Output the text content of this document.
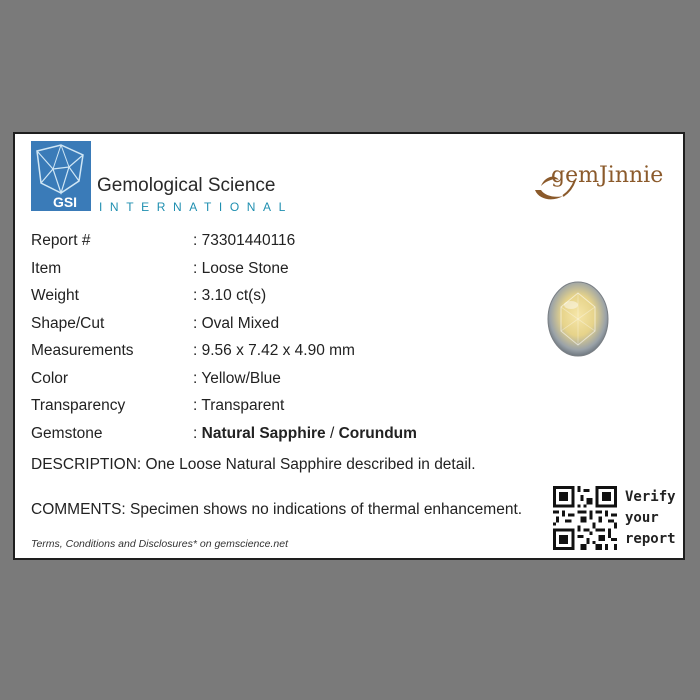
GSI
Gemological Science
INTERNATIONAL
gemJinnie
Report #	: 73301440116
Item	: Loose Stone
Weight	: 3.10 ct(s)
Shape/Cut	: Oval Mixed
Measurements	: 9.56 x 7.42 x 4.90 mm
Color	: Yellow/Blue
Transparency	: Transparent
Gemstone	: Natural Sapphire / Corundum
DESCRIPTION: One Loose Natural Sapphire described in detail.
COMMENTS: Specimen shows no indications of thermal enhancement.
Terms, Conditions and Disclosures* on gemscience.net
Verify
your
report
